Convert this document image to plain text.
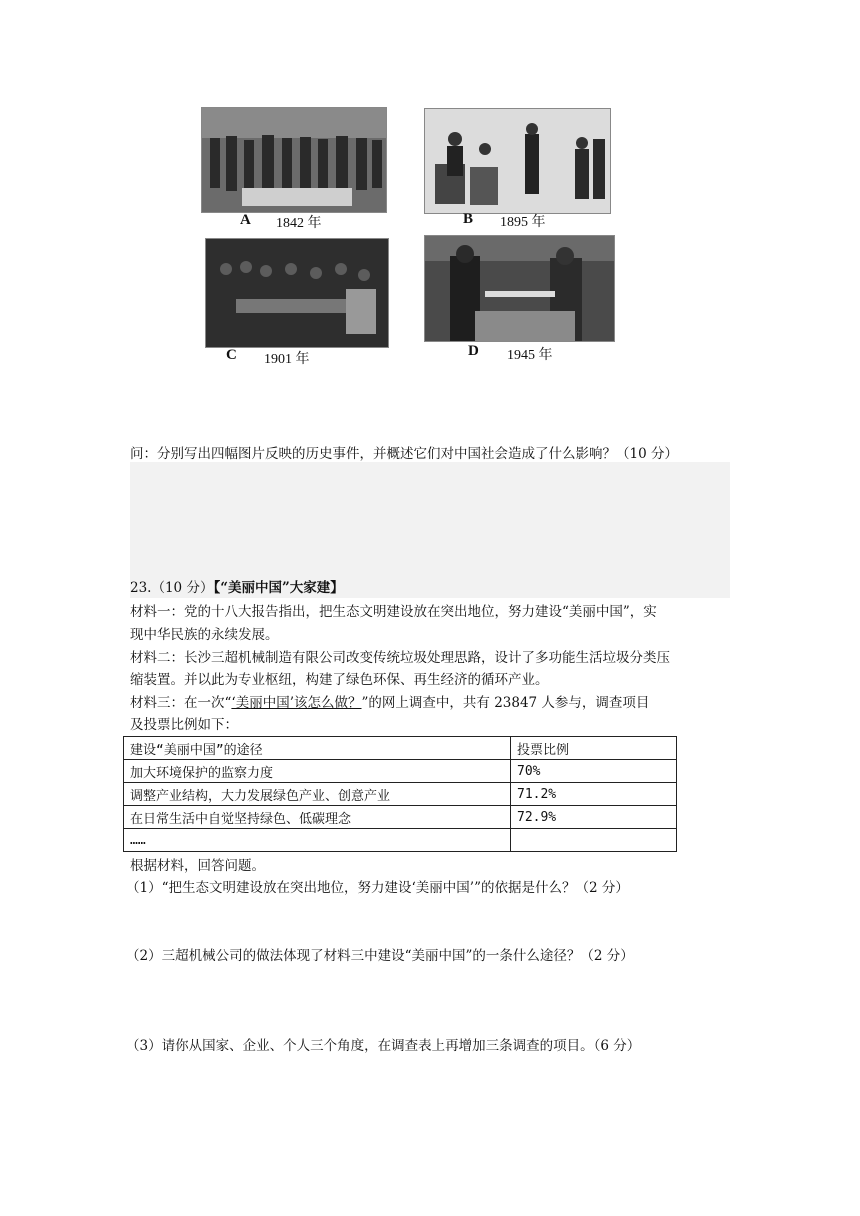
A 1842 年	B 1895 年
C 1901 年
D 1945 年
问：分别写出四幅图片反映的历史事件，并概述它们对中国社会造成了什么影响？（10 分）
23.（10 分）【“美丽中国”大家建】
材料一：党的十八大报告指出，把生态文明建设放在突出地位，努力建设“美丽中国”，实
现中华民族的永续发展。
材料二：长沙三超机械制造有限公司改变传统垃圾处理思路，设计了多功能生活垃圾分类压
缩装置。并以此为专业枢纽，构建了绿色环保、再生经济的循环产业。
材料三：在一次“‘美丽中国’该怎么做？”的网上调查中，共有 23847 人参与，调查项目
及投票比例如下：
建设“美丽中国”的途径	投票比例
加大环境保护的监察力度	70%
调整产业结构，大力发展绿色产业、创意产业	71.2%
在日常生活中自觉坚持绿色、低碳理念	72.9%
……	
根据材料，回答问题。
（1）“把生态文明建设放在突出地位，努力建设‘美丽中国’”的依据是什么？（2 分）
（2）三超机械公司的做法体现了材料三中建设“美丽中国”的一条什么途径？（2 分）
（3）请你从国家、企业、个人三个角度，在调查表上再增加三条调查的项目。（6 分）
